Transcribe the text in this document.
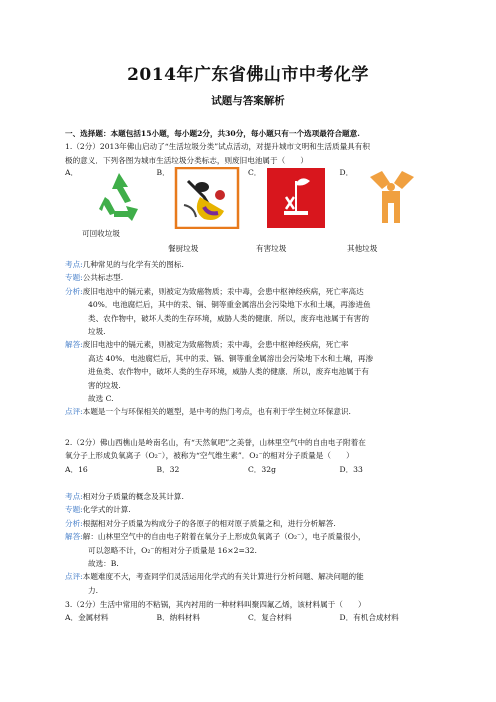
2014年广东省佛山市中考化学
试题与答案解析
一、选择题：本题包括15小题，每小题2分，共30分，每小题只有一个选项最符合题意.
1.（2分）2013年佛山启动了“生活垃圾分类”试点活动，对提升城市文明和生活质量具有积
极的意义．下列各图为城市生活垃圾分类标志，则废旧电池属于（　　）
A．	B．	C．	D．
可回收垃圾
餐厨垃圾	有害垃圾	其他垃圾
考点:几种常见的与化学有关的图标.
专题:公共标志型.
分析:废旧电池中的镉元素，则被定为致癌物质；汞中毒，会患中枢神经疾病，死亡率高达
40%．电池腐烂后，其中的汞、镉、铜等重金属溶出会污染地下水和土壤，再渗进鱼
类、农作物中，破坏人类的生存环境，威胁人类的健康．所以，废弃电池属于有害的
垃圾.
解答:废旧电池中的镉元素，则被定为致癌物质；汞中毒，会患中枢神经疾病，死亡率
高达 40%．电池腐烂后，其中的汞、镉、铜等重金属溶出会污染地下水和土壤，再渗
进鱼类、农作物中，破坏人类的生存环境，威胁人类的健康．所以，废弃电池属于有
害的垃圾.
故选 C.
点评:本题是一个与环保相关的题型，是中考的热门考点，也有利于学生树立环保意识.
2.（2分）佛山西樵山是岭南名山，有“天然氧吧”之美誉，山林里空气中的自由电子附着在
氧分子上形成负氧离子（O₂⁻），被称为“空气维生素”．O₂⁻的相对分子质量是（　　）
A．16	B．32	C．32g	D．33
考点:相对分子质量的概念及其计算.
专题:化学式的计算.
分析:根据相对分子质量为构成分子的各原子的相对原子质量之和，进行分析解答.
解答:解：山林里空气中的自由电子附着在氧分子上形成负氧离子（O₂⁻），电子质量很小，
可以忽略不计，O₂⁻的相对分子质量是 16×2=32.
故选：B.
点评:本题难度不大，考查同学们灵活运用化学式的有关计算进行分析问题、解决问题的能
力.
3.（2分）生活中常用的不粘锅，其内衬用的一种材料叫聚四氟乙烯，该材料属于（　　）
A．金属材料	B．纳料材料	C．复合材料	D．有机合成材料
